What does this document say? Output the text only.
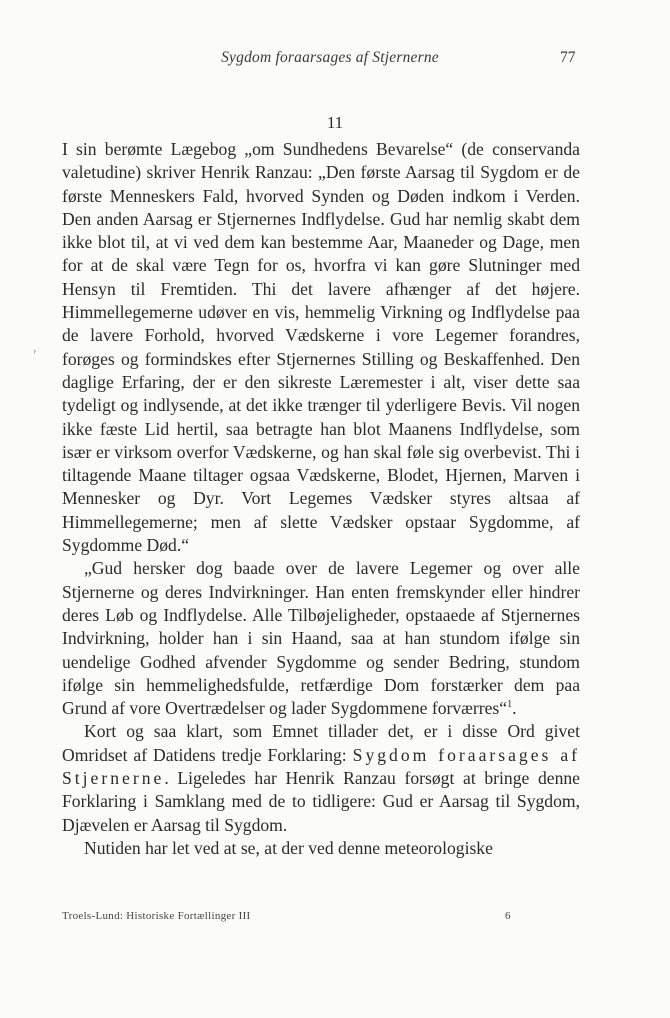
Sygdom foraarsages af Stjernerne	77
11
›

I sin berømte Lægebog „om Sundhedens Bevarelse“ (de conservanda valetudine) skriver Henrik Ranzau: „Den første Aarsag til Sygdom er de første Menneskers Fald, hvorved Synden og Døden indkom i Verden. Den anden Aarsag er Stjernernes Indflydelse. Gud har nemlig skabt dem ikke blot til, at vi ved dem kan bestemme Aar, Maaneder og Dage, men for at de skal være Tegn for os, hvorfra vi kan gøre Slutninger med Hensyn til Fremtiden. Thi det lavere afhænger af det højere. Himmellegemerne udøver en vis, hemmelig Virkning og Indflydelse paa de lavere Forhold, hvorved Vædskerne i vore Legemer forandres, forøges og formindskes efter Stjernernes Stilling og Beskaffenhed. Den daglige Erfaring, der er den sikreste Læremester i alt, viser dette saa tydeligt og indlysende, at det ikke trænger til yderligere Bevis. Vil nogen ikke fæste Lid hertil, saa betragte han blot Maanens Indflydelse, som især er virksom overfor Vædskerne, og han skal føle sig overbevist. Thi i tiltagende Maane tiltager ogsaa Vædskerne, Blodet, Hjernen, Marven i Mennesker og Dyr. Vort Legemes Vædsker styres altsaa af Himmellegemerne; men af slette Vædsker opstaar Sygdomme, af Sygdomme Død.“

„Gud hersker dog baade over de lavere Legemer og over alle Stjernerne og deres Indvirkninger. Han enten fremskynder eller hindrer deres Løb og Indflydelse. Alle Tilbøjeligheder, opstaaede af Stjernernes Indvirkning, holder han i sin Haand, saa at han stundom ifølge sin uendelige Godhed afvender Sygdomme og sender Bedring, stundom ifølge sin hemmelighedsfulde, retfærdige Dom forstærker dem paa Grund af vore Overtrædelser og lader Sygdommene forværres“$^1$.

Kort og saa klart, som Emnet tillader det, er i disse Ord givet Omridset af Datidens tredje Forklaring: Sygdom foraarsages af Stjernerne. Ligeledes har Henrik Ranzau forsøgt at bringe denne Forklaring i Samklang med de to tidligere: Gud er Aarsag til Sygdom, Djævelen er Aarsag til Sygdom.

Nutiden har let ved at se, at der ved denne meteorologiske

Troels-Lund: Historiske Fortællinger III	6
